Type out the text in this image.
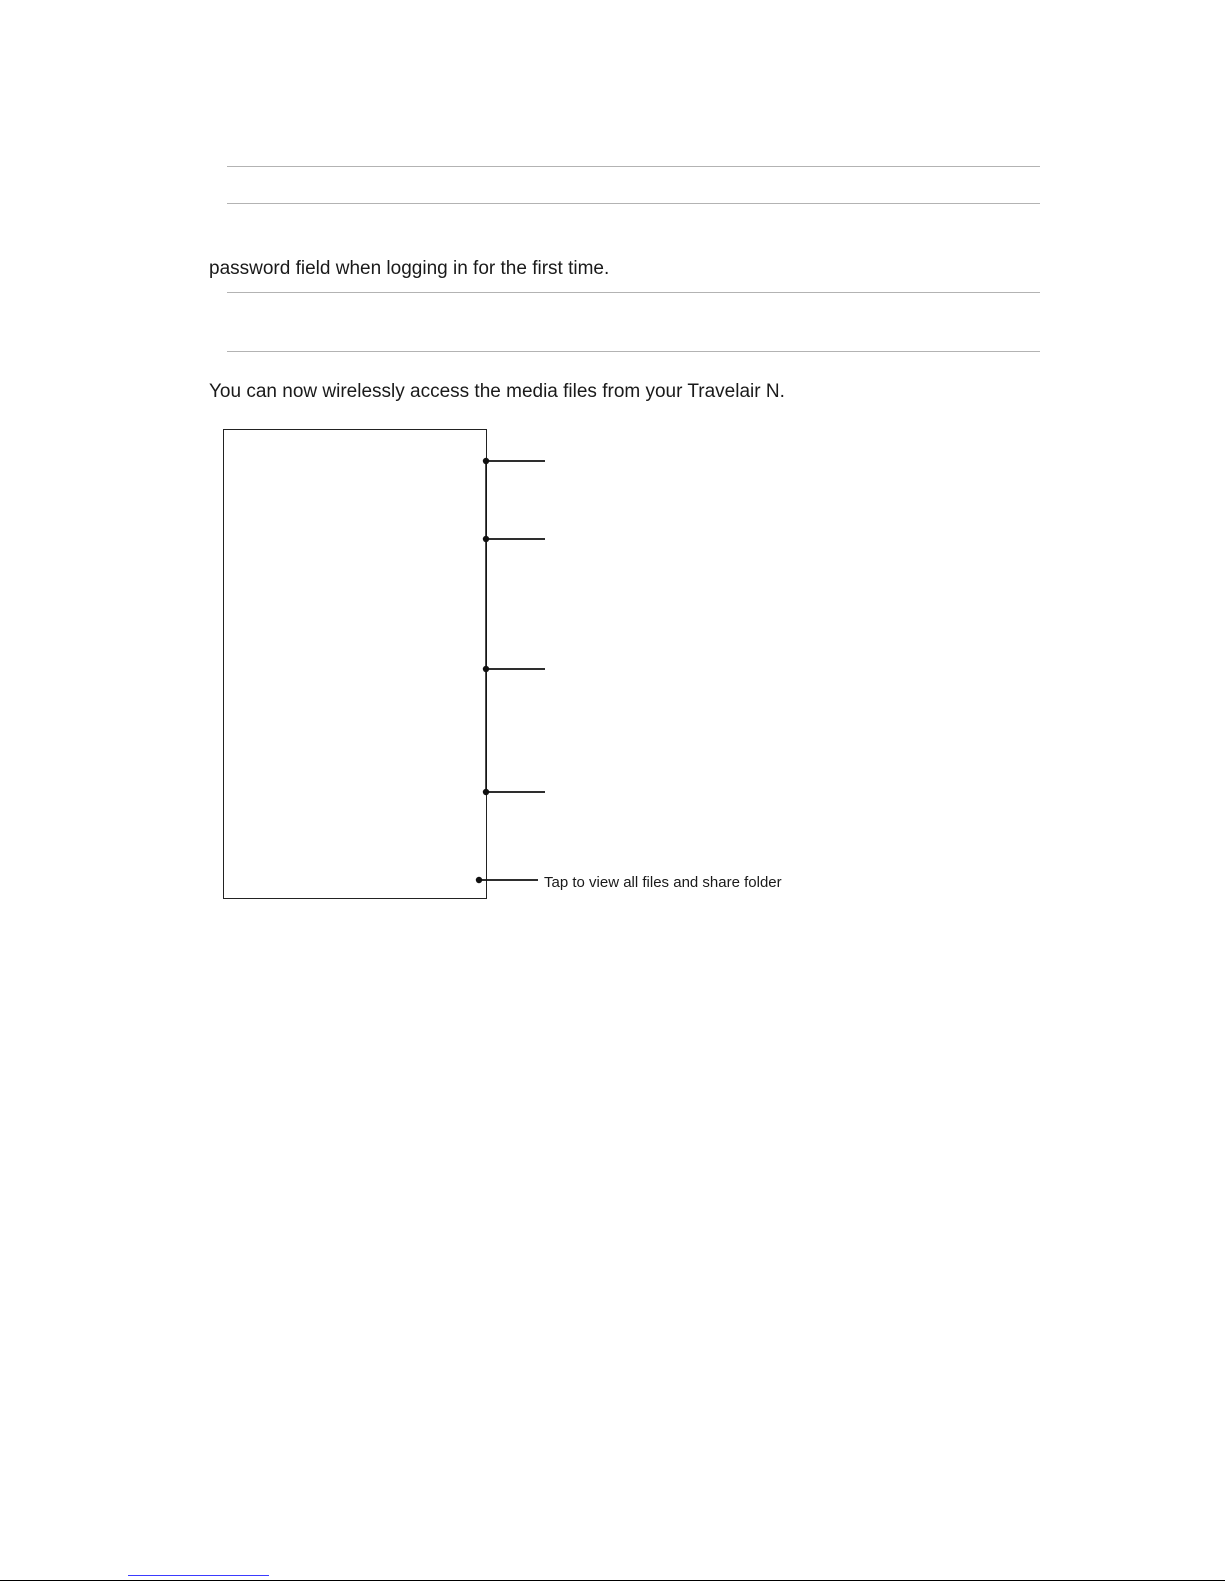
password field when logging in for the first time.
You can now wirelessly access the media files from your Travelair N.
Tap to view all files and share folder
